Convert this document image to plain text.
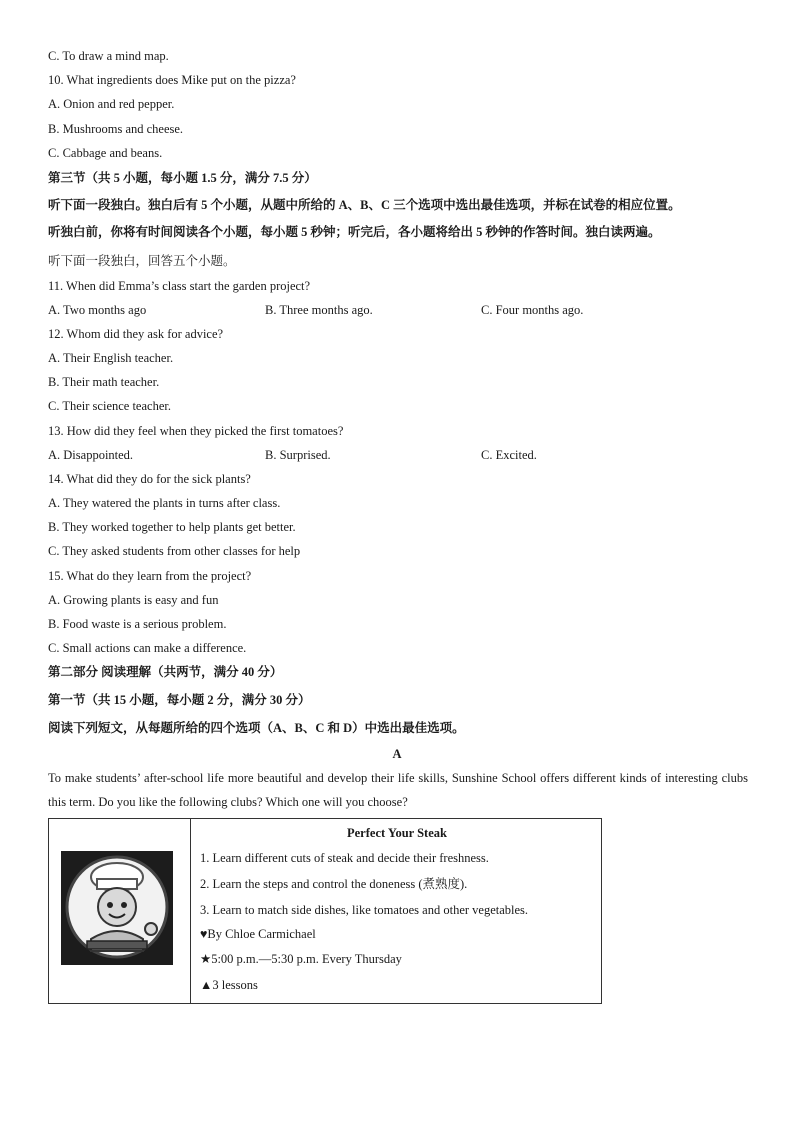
C. To draw a mind map.
10. What ingredients does Mike put on the pizza?
A. Onion and red pepper.
B. Mushrooms and cheese.
C. Cabbage and beans.
第三节（共 5 小题，每小题 1.5 分，满分 7.5 分）
听下面一段独白。独白后有 5 个小题，从题中所给的 A、B、C 三个选项中选出最佳选项，并标在试卷的相应位置。
听独白前，你将有时间阅读各个小题，每小题 5 秒钟；听完后，各小题将给出 5 秒钟的作答时间。独白读两遍。
听下面一段独白，回答五个小题。
11. When did Emma’s class start the garden project?
A. Two months ago	B. Three months ago.	C. Four months ago.
12. Whom did they ask for advice?
A. Their English teacher.
B. Their math teacher.
C. Their science teacher.
13. How did they feel when they picked the first tomatoes?
A. Disappointed.	B. Surprised.	C. Excited.
14. What did they do for the sick plants?
A. They watered the plants in turns after class.
B. They worked together to help plants get better.
C. They asked students from other classes for help
15. What do they learn from the project?
A. Growing plants is easy and fun
B. Food waste is a serious problem.
C. Small actions can make a difference.
第二部分 阅读理解（共两节，满分 40 分）
第一节（共 15 小题，每小题 2 分，满分 30 分）
阅读下列短文，从每题所给的四个选项（A、B、C 和 D）中选出最佳选项。
A
To make students’ after-school life more beautiful and develop their life skills, Sunshine School offers different kinds of interesting clubs this term. Do you like the following clubs? Which one will you choose?
Perfect Your Steak
1. Learn different cuts of steak and decide their freshness.
2. Learn the steps and control the doneness (煮熟度).
3. Learn to match side dishes, like tomatoes and other vegetables.
♥By Chloe Carmichael
★5:00 p.m.—5:30 p.m. Every Thursday
▲3 lessons
